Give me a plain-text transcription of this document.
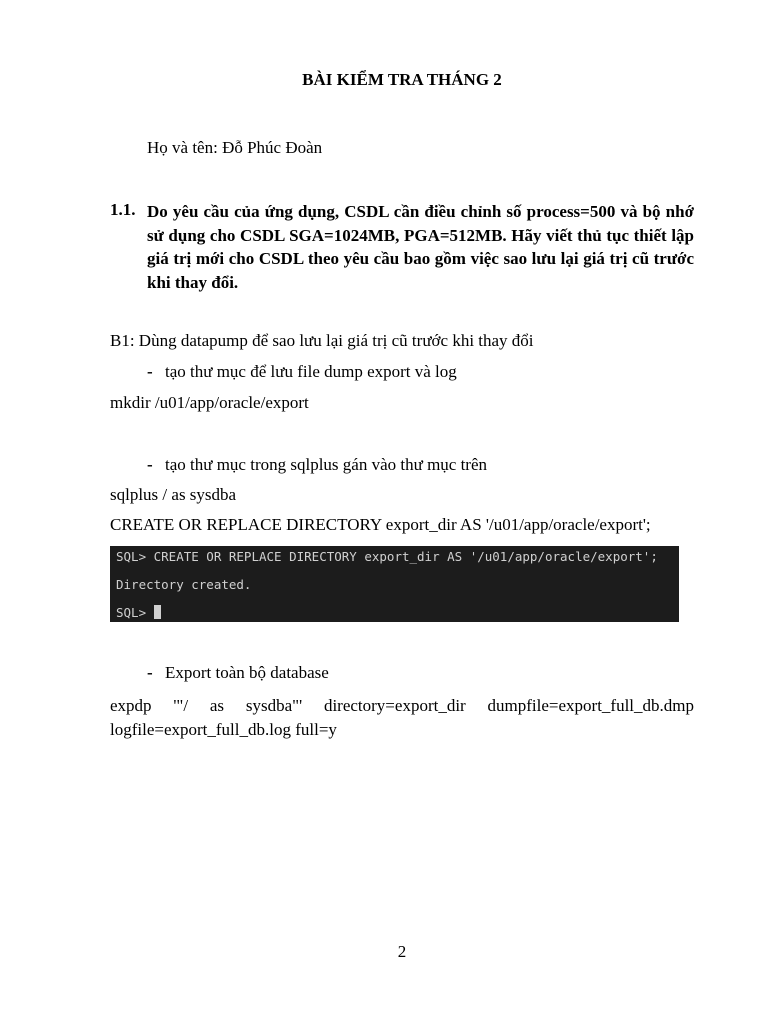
BÀI KIỂM TRA THÁNG 2
Họ và tên: Đỗ Phúc Đoàn
1.1. Do yêu cầu của ứng dụng, CSDL cần điều chỉnh số process=500 và bộ nhớ sử dụng cho CSDL SGA=1024MB, PGA=512MB. Hãy viết thủ tục thiết lập giá trị mới cho CSDL theo yêu cầu bao gồm việc sao lưu lại giá trị cũ trước khi thay đổi.
B1: Dùng datapump để sao lưu lại giá trị cũ trước khi thay đổi
- tạo thư mục để lưu file dump export và log
mkdir /u01/app/oracle/export
- tạo thư mục trong sqlplus gán vào thư mục trên
sqlplus / as sysdba
CREATE OR REPLACE DIRECTORY export_dir AS '/u01/app/oracle/export';
SQL> CREATE OR REPLACE DIRECTORY export_dir AS '/u01/app/oracle/export';
Directory created.
SQL>
- Export toàn bộ database
expdp '"/ as sysdba"' directory=export_dir dumpfile=export_full_db.dmp logfile=export_full_db.log full=y
2
